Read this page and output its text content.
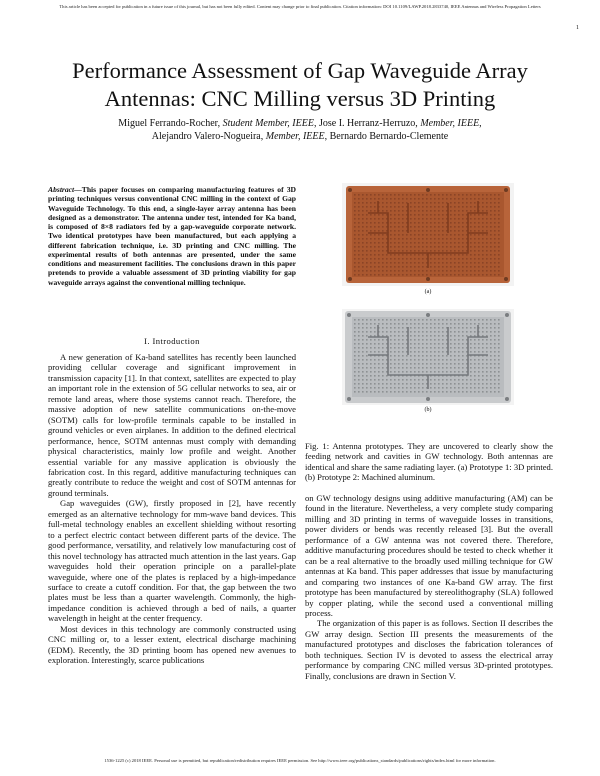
This article has been accepted for publication in a future issue of this journal, but has not been fully edited. Content may change prior to final publication. Citation information: DOI 10.1109/LAWP.2018.2833740, IEEE Antennas and Wireless Propagation Letters
1
Performance Assessment of Gap Waveguide Array Antennas: CNC Milling versus 3D Printing
Miguel Ferrando-Rocher, Student Member, IEEE, Jose I. Herranz-Herruzo, Member, IEEE,
Alejandro Valero-Nogueira, Member, IEEE, Bernardo Bernardo-Clemente
Abstract—This paper focuses on comparing manufacturing features of 3D printing techniques versus conventional CNC milling in the context of Gap Waveguide Technology. To this end, a single-layer array antenna has been designed as a demonstrator. The antenna under test, intended for Ka band, is composed of 8×8 radiators fed by a gap-waveguide corporate network. Two identical prototypes have been manufactured, but each applying a different fabrication technique, i.e. 3D printing and CNC milling. The experimental results of both antennas are presented, under the same conditions and measurement facilities. The conclusions drawn in this paper pretends to provide a valuable assessment of 3D printing viability for gap waveguide arrays against the conventional milling technique.
I. Introduction

A new generation of Ka-band satellites has recently been launched providing cellular coverage and significant improvement in transmission capacity [1]. In that context, satellites are expected to play an important role in the extension of 5G cellular networks to sea, air or remote land areas, where those systems cannot reach. Therefore, the massive adoption of new satellite communications on-the-move (SOTM) calls for low-profile terminals capable to be installed in ground vehicles or even airplanes. In addition to the defined electrical performance, hence, SOTM antennas must comply with demanding physical characteristics, mainly low profile and weight. Another essential variable for any massive application is obviously the fabrication cost. In this regard, additive manufacturing techniques can greatly contribute to reduce the weight and cost of SOTM antennas for ground terminals.

Gap waveguides (GW), firstly proposed in [2], have recently emerged as an alternative technology for mm-wave band devices. This full-metal technology enables an excellent shielding without resorting to a perfect electric contact between different parts of the device. The good performance, versatility, and relatively low manufacturing cost of this novel technology has attracted much attention in the last years. Gap waveguides hold their operation principle on a parallel-plate waveguide, where one of the plates is replaced by a high-impedance surface to create a cutoff condition. For that, the gap between the two plates must be less than a quarter wavelength. Commonly, the high-impedance condition is achieved through a bed of nails, a quarter wavelength in height at the center frequency.

Most devices in this technology are commonly constructed using CNC milling or, to a lesser extent, electrical discharge machining (EDM). Recently, the 3D printing boom has opened new avenues to exploration. Interestingly, scarce publications

(a)
(b)
Fig. 1: Antenna prototypes. They are uncovered to clearly show the feeding network and cavities in GW technology. Both antennas are identical and share the same radiating layer. (a) Prototype 1: 3D printed. (b) Prototype 2: Machined aluminum.

on GW technology designs using additive manufacturing (AM) can be found in the literature. Nevertheless, a very complete study comparing milling and 3D printing in terms of waveguide losses in transitions, power dividers or bends was recently released [3]. But the overall performance of a GW antenna was not covered there. Therefore, additive manufacturing procedures should be tested to check whether it can be a real alternative to the broadly used milling technique for GW antennas at Ka band. This paper addresses that issue by manufacturing and comparing two instances of one Ka-band GW array. The first prototype has been manufactured by stereolithography (SLA) followed by copper plating, while the second used a conventional milling process.

The organization of this paper is as follows. Section II describes the GW array design. Section III presents the measurements of the manufactured prototypes and discloses the fabrication tolerances of both techniques. Section IV is devoted to assess the electrical array performance by comparing CNC milled versus 3D-printed prototypes. Finally, conclusions are drawn in Section V.

1536-1225 (c) 2018 IEEE. Personal use is permitted, but republication/redistribution requires IEEE permission. See http://www.ieee.org/publications_standards/publications/rights/index.html for more information.
